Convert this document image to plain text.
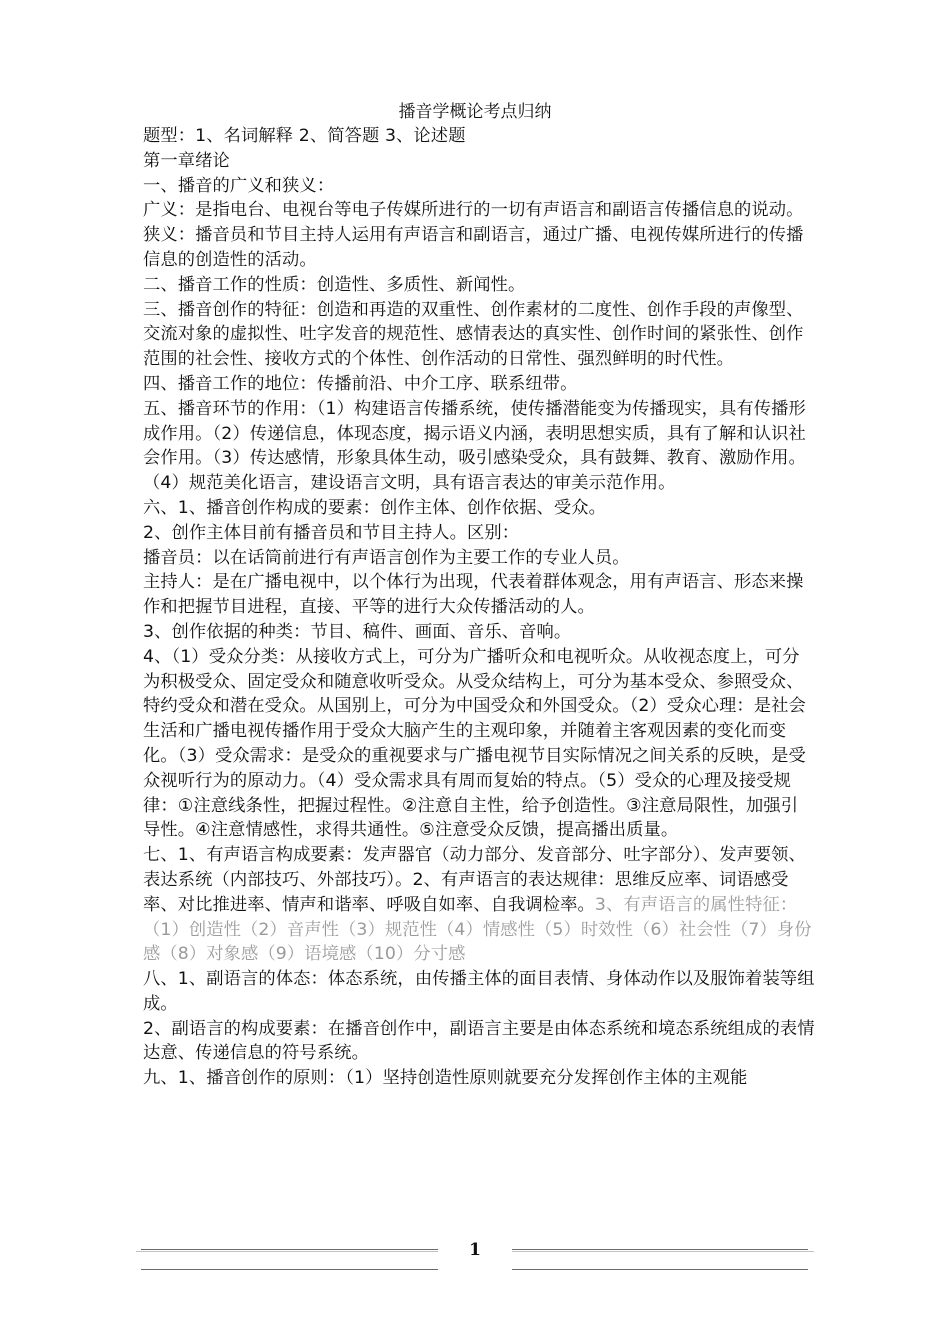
播音学概论考点归纳

题型：1、名词解释 2、简答题 3、论述题

第一章绪论

一、播音的广义和狭义：

广义：是指电台、电视台等电子传媒所进行的一切有声语言和副语言传播信息的说动。

狭义：播音员和节目主持人运用有声语言和副语言，通过广播、电视传媒所进行的传播信息的创造性的活动。

二、播音工作的性质：创造性、多质性、新闻性。

三、播音创作的特征：创造和再造的双重性、创作素材的二度性、创作手段的声像型、交流对象的虚拟性、吐字发音的规范性、感情表达的真实性、创作时间的紧张性、创作范围的社会性、接收方式的个体性、创作活动的日常性、强烈鲜明的时代性。

四、播音工作的地位：传播前沿、中介工序、联系纽带。

五、播音环节的作用：（1）构建语言传播系统，使传播潜能变为传播现实，具有传播形成作用。（2）传递信息，体现态度，揭示语义内涵，表明思想实质，具有了解和认识社会作用。（3）传达感情，形象具体生动，吸引感染受众，具有鼓舞、教育、激励作用。（4）规范美化语言，建设语言文明，具有语言表达的审美示范作用。

六、1、播音创作构成的要素：创作主体、创作依据、受众。

2、创作主体目前有播音员和节目主持人。区别：

播音员：以在话筒前进行有声语言创作为主要工作的专业人员。

主持人：是在广播电视中，以个体行为出现，代表着群体观念，用有声语言、形态来操作和把握节目进程，直接、平等的进行大众传播活动的人。

3、创作依据的种类：节目、稿件、画面、音乐、音响。

4、（1）受众分类：从接收方式上，可分为广播听众和电视听众。从收视态度上，可分为积极受众、固定受众和随意收听受众。从受众结构上，可分为基本受众、参照受众、特约受众和潜在受众。从国别上，可分为中国受众和外国受众。（2）受众心理：是社会生活和广播电视传播作用于受众大脑产生的主观印象，并随着主客观因素的变化而变化。（3）受众需求：是受众的重视要求与广播电视节目实际情况之间关系的反映，是受众视听行为的原动力。（4）受众需求具有周而复始的特点。（5）受众的心理及接受规律：①注意线条性，把握过程性。②注意自主性，给予创造性。③注意局限性，加强引导性。④注意情感性，求得共通性。⑤注意受众反馈，提高播出质量。

七、1、有声语言构成要素：发声器官（动力部分、发音部分、吐字部分）、发声要领、表达系统（内部技巧、外部技巧）。2、有声语言的表达规律：思维反应率、词语感受率、对比推进率、情声和谐率、呼吸自如率、自我调检率。3、有声语言的属性特征：（1）创造性（2）音声性（3）规范性（4）情感性（5）时效性（6）社会性（7）身份感（8）对象感（9）语境感（10）分寸感

八、1、副语言的体态：体态系统，由传播主体的面目表情、身体动作以及服饰着装等组成。

2、副语言的构成要素：在播音创作中，副语言主要是由体态系统和境态系统组成的表情达意、传递信息的符号系统。

九、1、播音创作的原则：（1）坚持创造性原则就要充分发挥创作主体的主观能

1
